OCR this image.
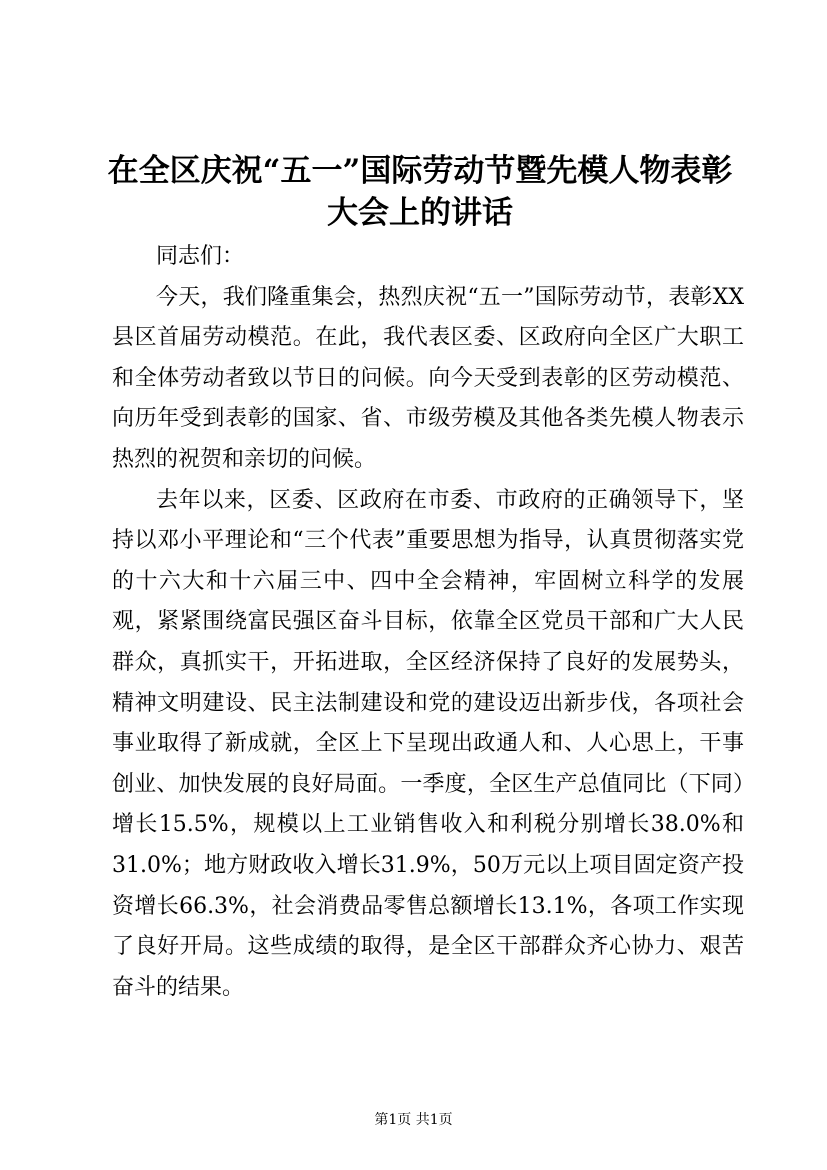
在全区庆祝“五一”国际劳动节暨先模人物表彰大会上的讲话

同志们：

今天，我们隆重集会，热烈庆祝“五一”国际劳动节，表彰XX县区首届劳动模范。在此，我代表区委、区政府向全区广大职工和全体劳动者致以节日的问候。向今天受到表彰的区劳动模范、向历年受到表彰的国家、省、市级劳模及其他各类先模人物表示热烈的祝贺和亲切的问候。

去年以来，区委、区政府在市委、市政府的正确领导下，坚持以邓小平理论和“三个代表”重要思想为指导，认真贯彻落实党的十六大和十六届三中、四中全会精神，牢固树立科学的发展观，紧紧围绕富民强区奋斗目标，依靠全区党员干部和广大人民群众，真抓实干，开拓进取，全区经济保持了良好的发展势头，精神文明建设、民主法制建设和党的建设迈出新步伐，各项社会事业取得了新成就，全区上下呈现出政通人和、人心思上，干事创业、加快发展的良好局面。一季度，全区生产总值同比（下同）增长15.5%，规模以上工业销售收入和利税分别增长38.0%和31.0%；地方财政收入增长31.9%，50万元以上项目固定资产投资增长66.3%，社会消费品零售总额增长13.1%，各项工作实现了良好开局。这些成绩的取得，是全区干部群众齐心协力、艰苦奋斗的结果。

第1页 共1页
